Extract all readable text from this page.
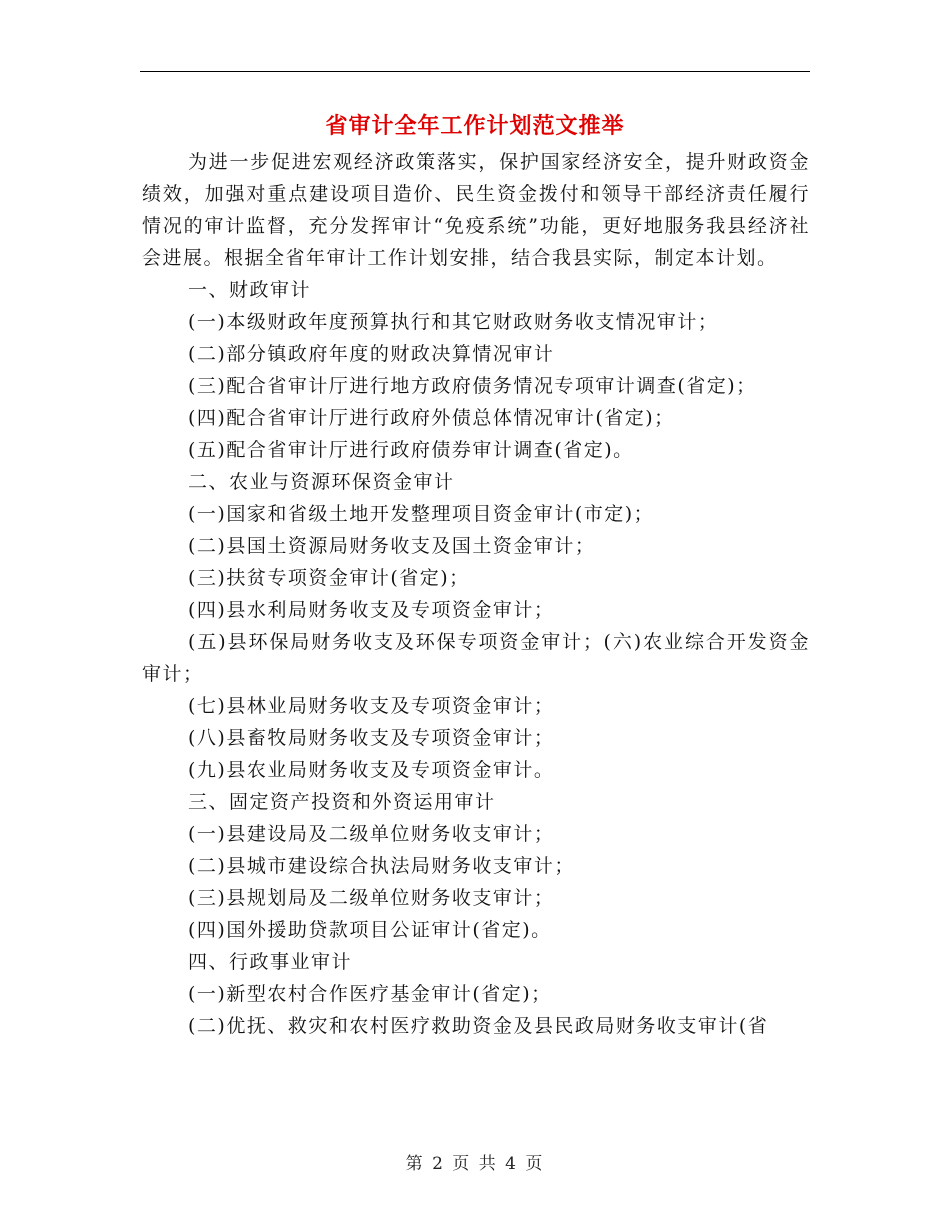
省审计全年工作计划范文推举

为进一步促进宏观经济政策落实，保护国家经济安全，提升财政资金绩效，加强对重点建设项目造价、民生资金拨付和领导干部经济责任履行情况的审计监督，充分发挥审计“免疫系统”功能，更好地服务我县经济社会进展。根据全省年审计工作计划安排，结合我县实际，制定本计划。

一、财政审计

(一)本级财政年度预算执行和其它财政财务收支情况审计；

(二)部分镇政府年度的财政决算情况审计

(三)配合省审计厅进行地方政府债务情况专项审计调查(省定)；

(四)配合省审计厅进行政府外债总体情况审计(省定)；

(五)配合省审计厅进行政府债券审计调查(省定)。

二、农业与资源环保资金审计

(一)国家和省级土地开发整理项目资金审计(市定)；

(二)县国土资源局财务收支及国土资金审计；

(三)扶贫专项资金审计(省定)；

(四)县水利局财务收支及专项资金审计；

(五)县环保局财务收支及环保专项资金审计；(六)农业综合开发资金审计；

(七)县林业局财务收支及专项资金审计；

(八)县畜牧局财务收支及专项资金审计；

(九)县农业局财务收支及专项资金审计。

三、固定资产投资和外资运用审计

(一)县建设局及二级单位财务收支审计；

(二)县城市建设综合执法局财务收支审计；

(三)县规划局及二级单位财务收支审计；

(四)国外援助贷款项目公证审计(省定)。

四、行政事业审计

(一)新型农村合作医疗基金审计(省定)；

(二)优抚、救灾和农村医疗救助资金及县民政局财务收支审计(省

第 2 页 共 4 页
